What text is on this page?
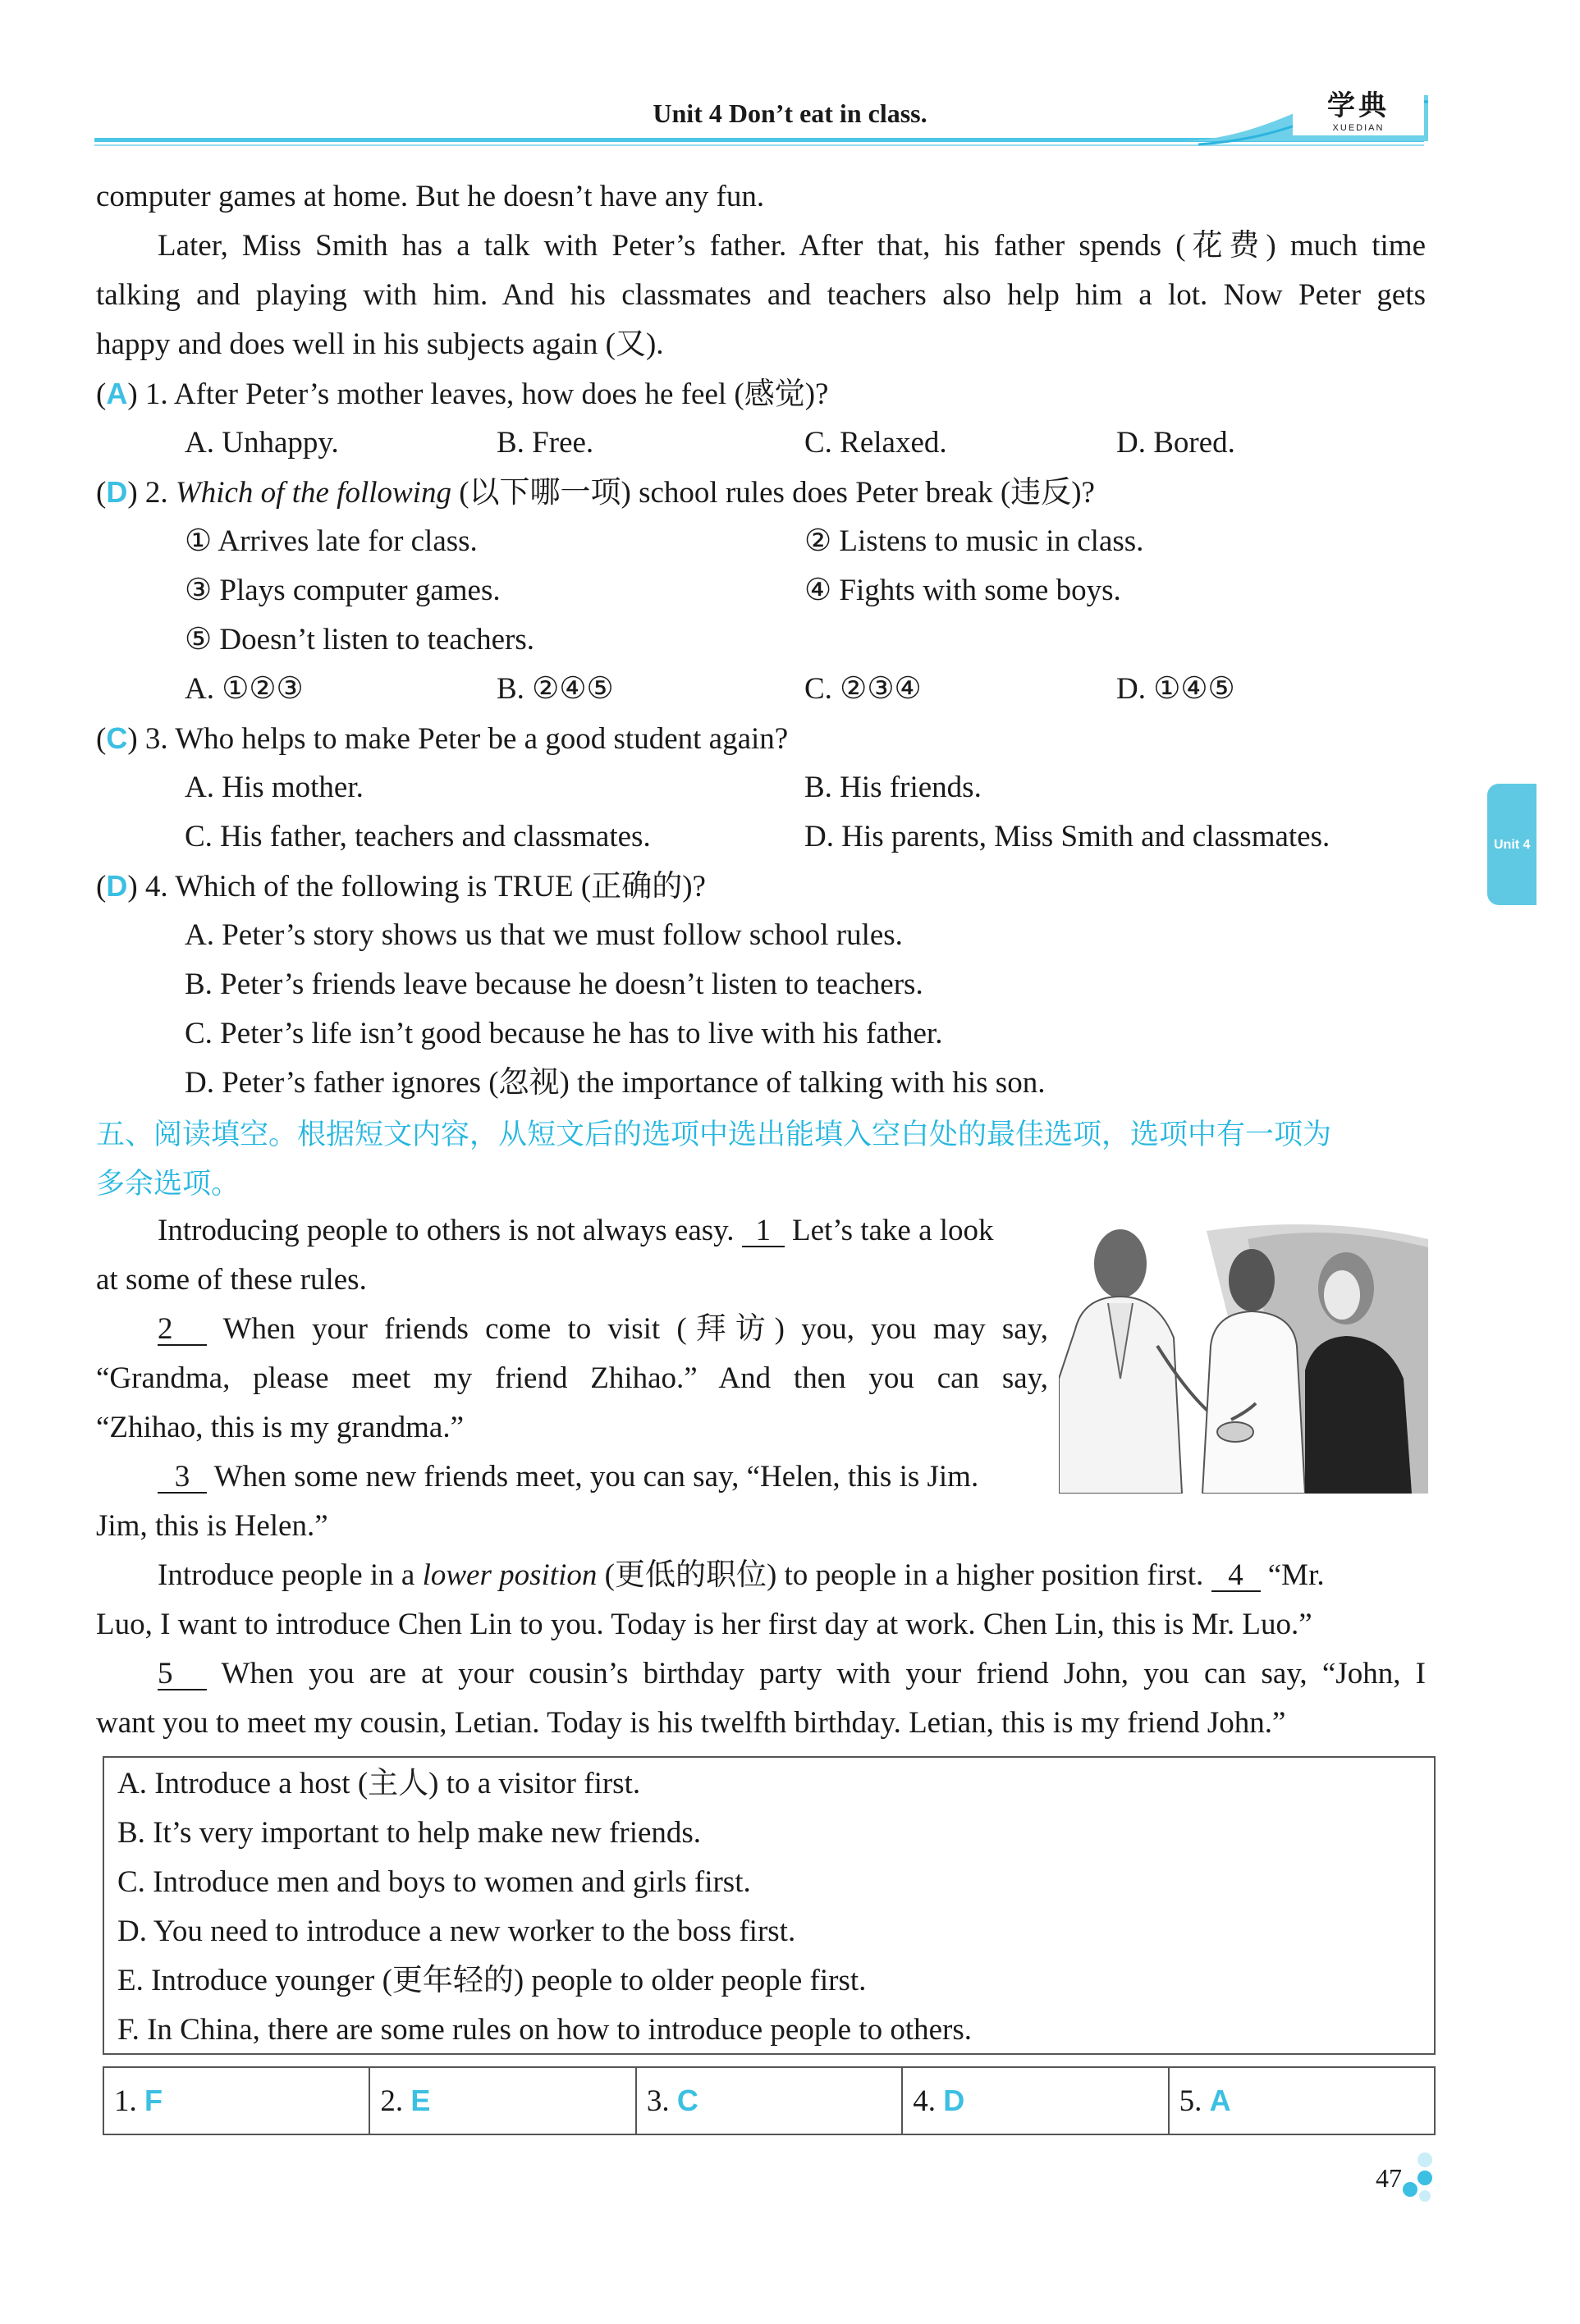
学典
XUEDIAN
Unit 4 Don’t eat in class.
Unit 4
computer games at home. But he doesn’t have any fun.
Later, Miss Smith has a talk with Peter’s father. After that, his father spends (花费) much time
talking and playing with him. And his classmates and teachers also help him a lot. Now Peter gets
happy and does well in his subjects again (又).
(A) 1. After Peter’s mother leaves, how does he feel (感觉)?
A. Unhappy.	B. Free.	C. Relaxed.	D. Bored.
(D) 2. Which of the following (以下哪一项) school rules does Peter break (违反)?
① Arrives late for class.	② Listens to music in class.
③ Plays computer games.	④ Fights with some boys.
⑤ Doesn’t listen to teachers.
A. ①②③	B. ②④⑤	C. ②③④	D. ①④⑤
(C) 3. Who helps to make Peter be a good student again?
A. His mother.	B. His friends.
C. His father, teachers and classmates.	D. His parents, Miss Smith and classmates.
(D) 4. Which of the following is TRUE (正确的)?
A. Peter’s story shows us that we must follow school rules.
B. Peter’s friends leave because he doesn’t listen to teachers.
C. Peter’s life isn’t good because he has to live with his father.
D. Peter’s father ignores (忽视) the importance of talking with his son.
五、阅读填空。根据短文内容，从短文后的选项中选出能填入空白处的最佳选项，选项中有一项为
多余选项。
Introducing people to others is not always easy. 1 Let’s take a look
at some of these rules.
2 When your friends come to visit (拜访) you, you may say,
“Grandma, please meet my friend Zhihao.” And then you can say,
“Zhihao, this is my grandma.”
3 When some new friends meet, you can say, “Helen, this is Jim.
Jim, this is Helen.”
Introduce people in a lower position (更低的职位) to people in a higher position first. 4 “Mr.
Luo, I want to introduce Chen Lin to you. Today is her first day at work. Chen Lin, this is Mr. Luo.”
5 When you are at your cousin’s birthday party with your friend John, you can say, “John, I
want you to meet my cousin, Letian. Today is his twelfth birthday. Letian, this is my friend John.”
A. Introduce a host (主人) to a visitor first.
B. It’s very important to help make new friends.
C. Introduce men and boys to women and girls first.
D. You need to introduce a new worker to the boss first.
E. Introduce younger (更年轻的) people to older people first.
F. In China, there are some rules on how to introduce people to others.
1. F	2. E	3. C	4. D	5. A
47
